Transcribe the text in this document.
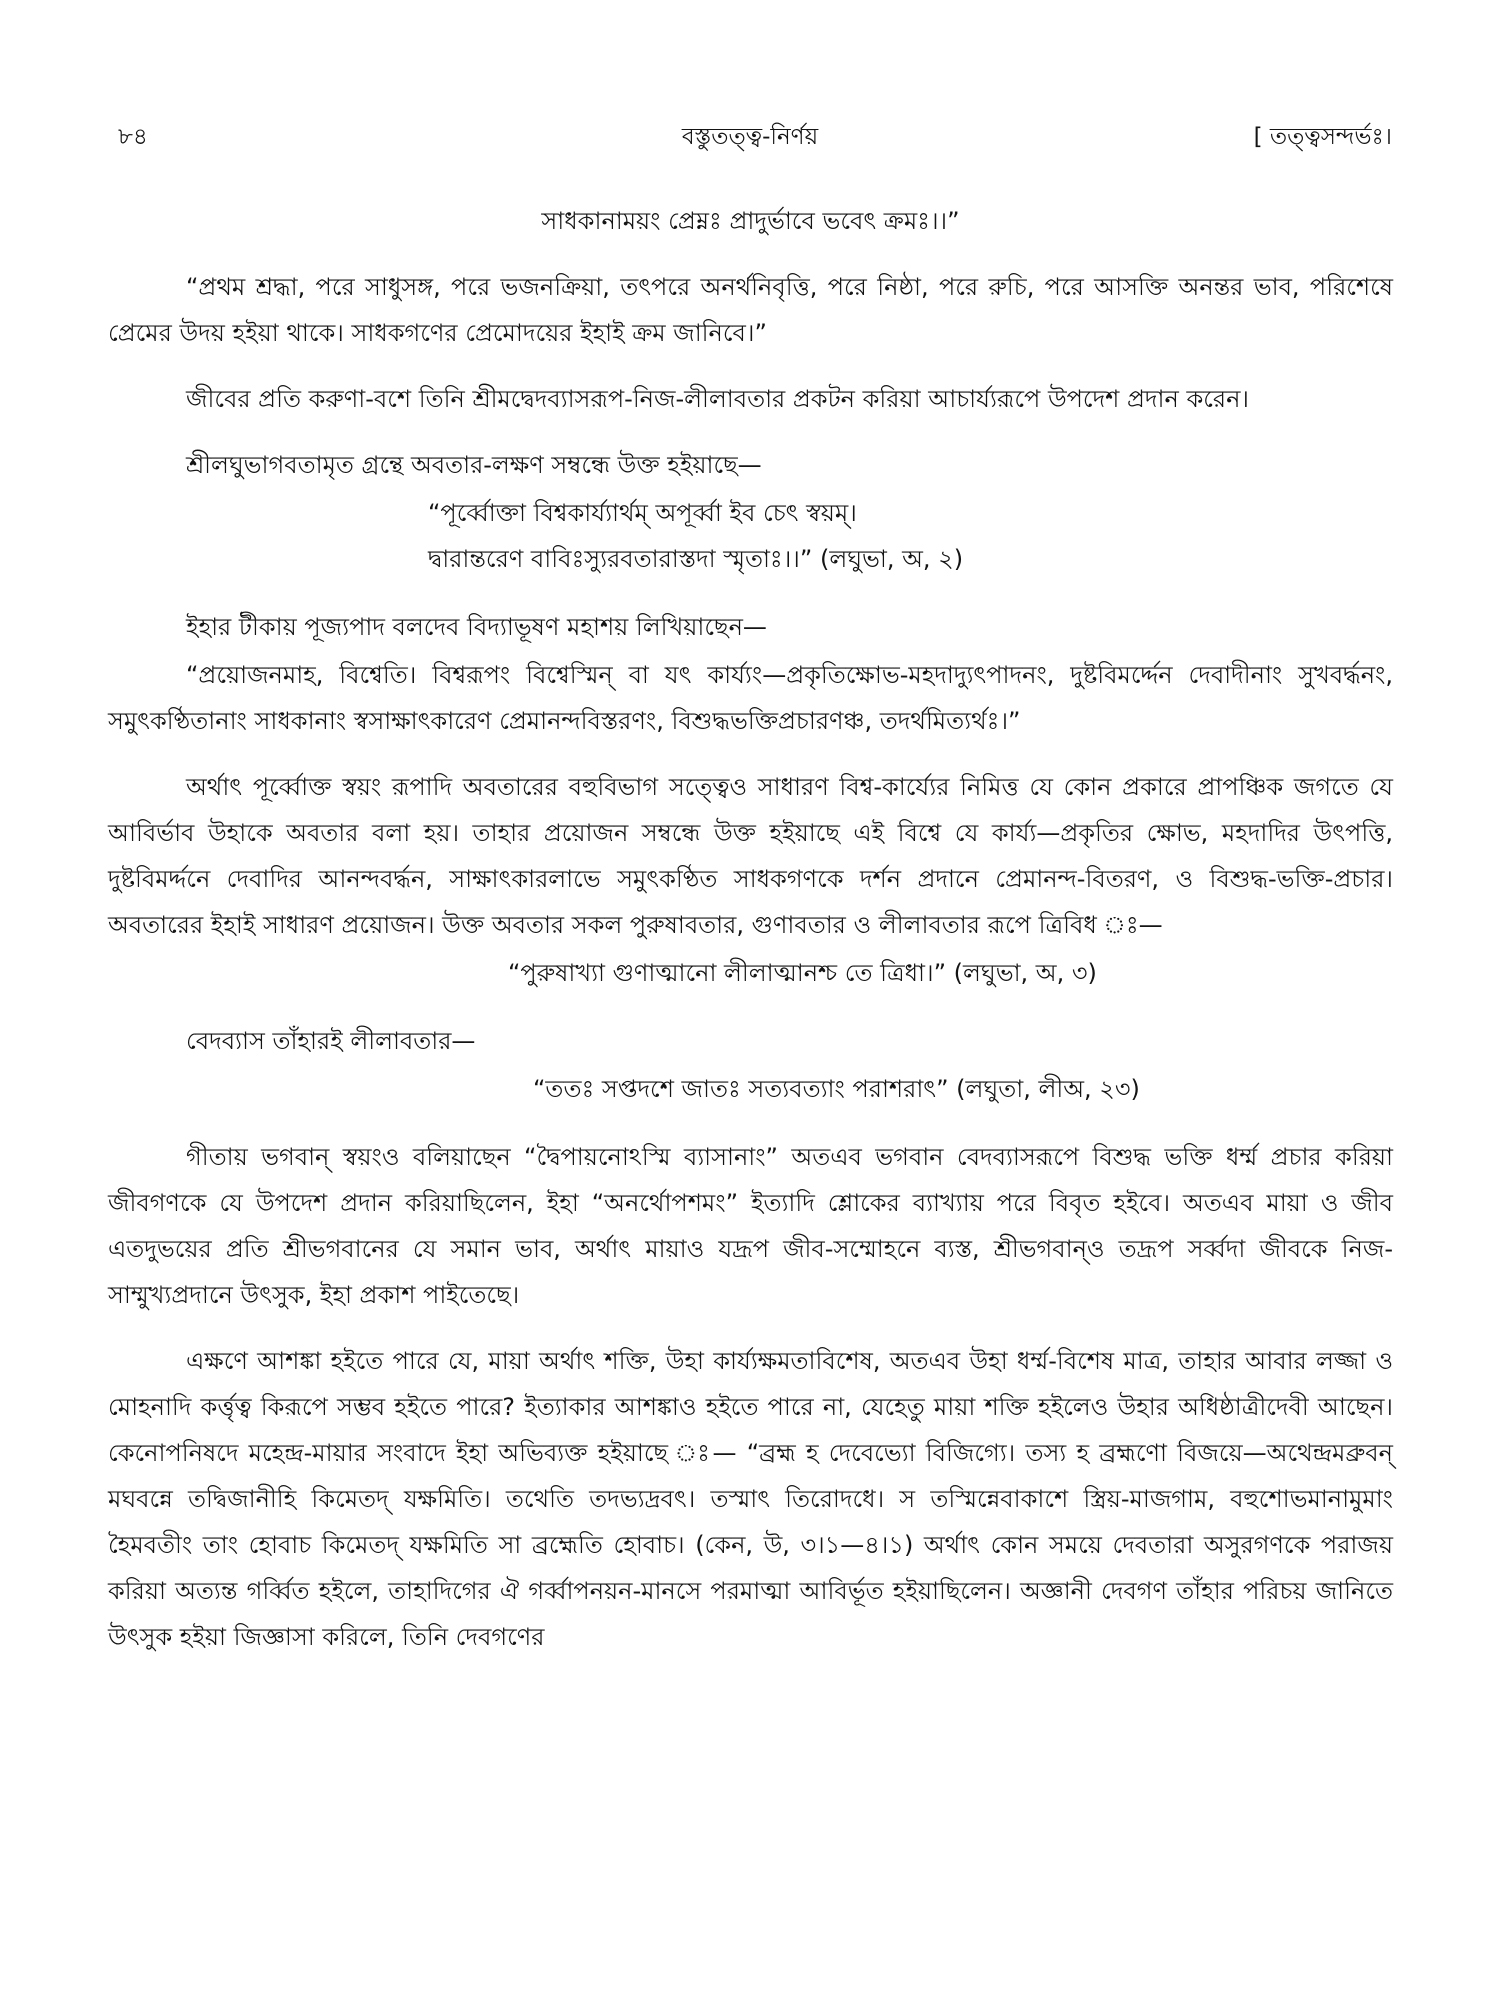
৮৪	বস্তুতত্ত্ব-নির্ণয়	[ তত্ত্বসন্দর্ভঃ।
সাধকানাময়ং প্রেম্নঃ প্রাদুর্ভাবে ভবেৎ ক্রমঃ।।”

“প্রথম শ্রদ্ধা, পরে সাধুসঙ্গ, পরে ভজনক্রিয়া, তৎপরে অনর্থনিবৃত্তি, পরে নিষ্ঠা, পরে রুচি, পরে আসক্তি অনন্তর ভাব, পরিশেষে প্রেমের উদয় হইয়া থাকে। সাধকগণের প্রেমোদয়ের ইহাই ক্রম জানিবে।”

জীবের প্রতি করুণা-বশে তিনি শ্রীমদ্বেদব্যাসরূপ-নিজ-লীলাবতার প্রকটন করিয়া আচার্য্যরূপে উপদেশ প্রদান করেন।

শ্রীলঘুভাগবতামৃত গ্রন্থে অবতার-লক্ষণ সম্বন্ধে উক্ত হইয়াছে—

“পূর্ব্বোক্তা বিশ্বকার্য্যার্থম্ অপূর্ব্বা ইব চেৎ স্বয়ম্।
দ্বারান্তরেণ বাবিঃস্যুরবতারাস্তদা স্মৃতাঃ।।” (লঘুভা, অ, ২)

ইহার টীকায় পূজ্যপাদ বলদেব বিদ্যাভূষণ মহাশয় লিখিয়াছেন—

“প্রয়োজনমাহ, বিশ্বেতি। বিশ্বরূপং বিশ্বেস্মিন্ বা যৎ কার্য্যং—প্রকৃতিক্ষোভ-মহদাদ্যুৎপাদনং, দুষ্টবিমর্দ্দেন দেবাদীনাং সুখবর্দ্ধনং, সমুৎকণ্ঠিতানাং সাধকানাং স্বসাক্ষাৎকারেণ প্রেমানন্দবিস্তরণং, বিশুদ্ধভক্তিপ্রচারণঞ্চ, তদর্থমিত্যর্থঃ।”

অর্থাৎ পূর্ব্বোক্ত স্বয়ং রূপাদি অবতারের বহুবিভাগ সত্ত্বেও সাধারণ বিশ্ব-কার্য্যের নিমিত্ত যে কোন প্রকারে প্রাপঞ্চিক জগতে যে আবির্ভাব উহাকে অবতার বলা হয়। তাহার প্রয়োজন সম্বন্ধে উক্ত হইয়াছে এই বিশ্বে যে কার্য্য—প্রকৃতির ক্ষোভ, মহদাদির উৎপত্তি, দুষ্টবিমর্দ্দনে দেবাদির আনন্দবর্দ্ধন, সাক্ষাৎকারলাভে সমুৎকণ্ঠিত সাধকগণকে দর্শন প্রদানে প্রেমানন্দ-বিতরণ, ও বিশুদ্ধ-ভক্তি-প্রচার। অবতারের ইহাই সাধারণ প্রয়োজন। উক্ত অবতার সকল পুরুষাবতার, গুণাবতার ও লীলাবতার রূপে ত্রিবিধ ঃ—

“পুরুষাখ্যা গুণাত্মানো লীলাত্মানশ্চ তে ত্রিধা।” (লঘুভা, অ, ৩)

বেদব্যাস তাঁহারই লীলাবতার—

“ততঃ সপ্তদশে জাতঃ সত্যবত্যাং পরাশরাৎ” (লঘুতা, লীঅ, ২৩)

গীতায় ভগবান্ স্বয়ংও বলিয়াছেন “দ্বৈপায়নোঽস্মি ব্যাসানাং” অতএব ভগবান বেদব্যাসরূপে বিশুদ্ধ ভক্তি ধর্ম্ম প্রচার করিয়া জীবগণকে যে উপদেশ প্রদান করিয়াছিলেন, ইহা “অনর্থোপশমং” ইত্যাদি শ্লোকের ব্যাখ্যায় পরে বিবৃত হইবে। অতএব মায়া ও জীব এতদুভয়ের প্রতি শ্রীভগবানের যে সমান ভাব, অর্থাৎ মায়াও যদ্রূপ জীব-সম্মোহনে ব্যস্ত, শ্রীভগবান্ও তদ্রূপ সর্ব্বদা জীবকে নিজ-সাম্মুখ্যপ্রদানে উৎসুক, ইহা প্রকাশ পাইতেছে।

এক্ষণে আশঙ্কা হইতে পারে যে, মায়া অর্থাৎ শক্তি, উহা কার্য্যক্ষমতাবিশেষ, অতএব উহা ধর্ম্ম-বিশেষ মাত্র, তাহার আবার লজ্জা ও মোহনাদি কর্ত্তৃত্ব কিরূপে সম্ভব হইতে পারে? ইত্যাকার আশঙ্কাও হইতে পারে না, যেহেতু মায়া শক্তি হইলেও উহার অধিষ্ঠাত্রীদেবী আছেন। কেনোপনিষদে মহেন্দ্র-মায়ার সংবাদে ইহা অভিব্যক্ত হইয়াছে ঃ— “ব্রহ্ম হ দেবেভ্যো বিজিগ্যে। তস্য হ ব্রহ্মণো বিজয়ে—অথেন্দ্রমব্রুবন্ মঘবন্নে তদ্বিজানীহি কিমেতদ্ যক্ষমিতি। তথেতি তদভ্যদ্রবৎ। তস্মাৎ তিরোদধে। স তস্মিন্নেবাকাশে স্ত্রিয়-মাজগাম, বহুশোভমানামুমাং হৈমবতীং তাং হোবাচ কিমেতদ্ যক্ষমিতি সা ব্রহ্মেতি হোবাচ। (কেন, উ, ৩।১—৪।১) অর্থাৎ কোন সময়ে দেবতারা অসুরগণকে পরাজয় করিয়া অত্যন্ত গর্ব্বিত হইলে, তাহাদিগের ঐ গর্ব্বাপনয়ন-মানসে পরমাত্মা আবির্ভূত হইয়াছিলেন। অজ্ঞানী দেবগণ তাঁহার পরিচয় জানিতে উৎসুক হইয়া জিজ্ঞাসা করিলে, তিনি দেবগণের
